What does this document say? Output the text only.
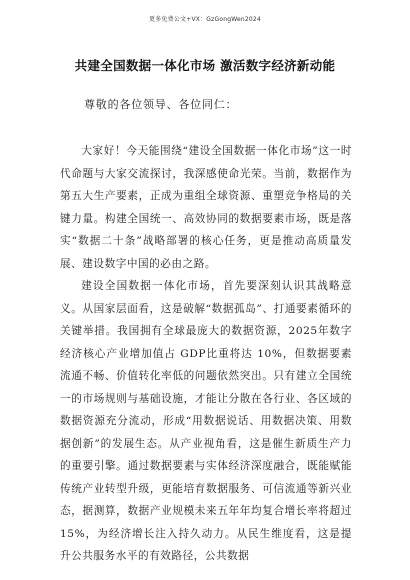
更多免费公文+VX：GzGongWen2024
共建全国数据一体化市场 激活数字经济新动能
尊敬的各位领导、各位同仁：

大家好！今天能围绕“建设全国数据一体化市场”这一时代命题与大家交流探讨，我深感使命光荣。当前，数据作为第五大生产要素，正成为重组全球资源、重塑竞争格局的关键力量。构建全国统一、高效协同的数据要素市场，既是落实“数据二十条”战略部署的核心任务，更是推动高质量发展、建设数字中国的必由之路。

建设全国数据一体化市场，首先要深刻认识其战略意义。从国家层面看，这是破解“数据孤岛”、打通要素循环的关键举措。我国拥有全球最庞大的数据资源，2025年数字经济核心产业增加值占 GDP比重将达 10%，但数据要素流通不畅、价值转化率低的问题依然突出。只有建立全国统一的市场规则与基础设施，才能让分散在各行业、各区域的数据资源充分流动，形成“用数据说话、用数据决策、用数据创新”的发展生态。从产业视角看，这是催生新质生产力的重要引擎。通过数据要素与实体经济深度融合，既能赋能传统产业转型升级，更能培育数据服务、可信流通等新兴业态，据测算，数据产业规模未来五年年均复合增长率将超过 15%，为经济增长注入持久动力。从民生维度看，这是提升公共服务水平的有效路径，公共数据
